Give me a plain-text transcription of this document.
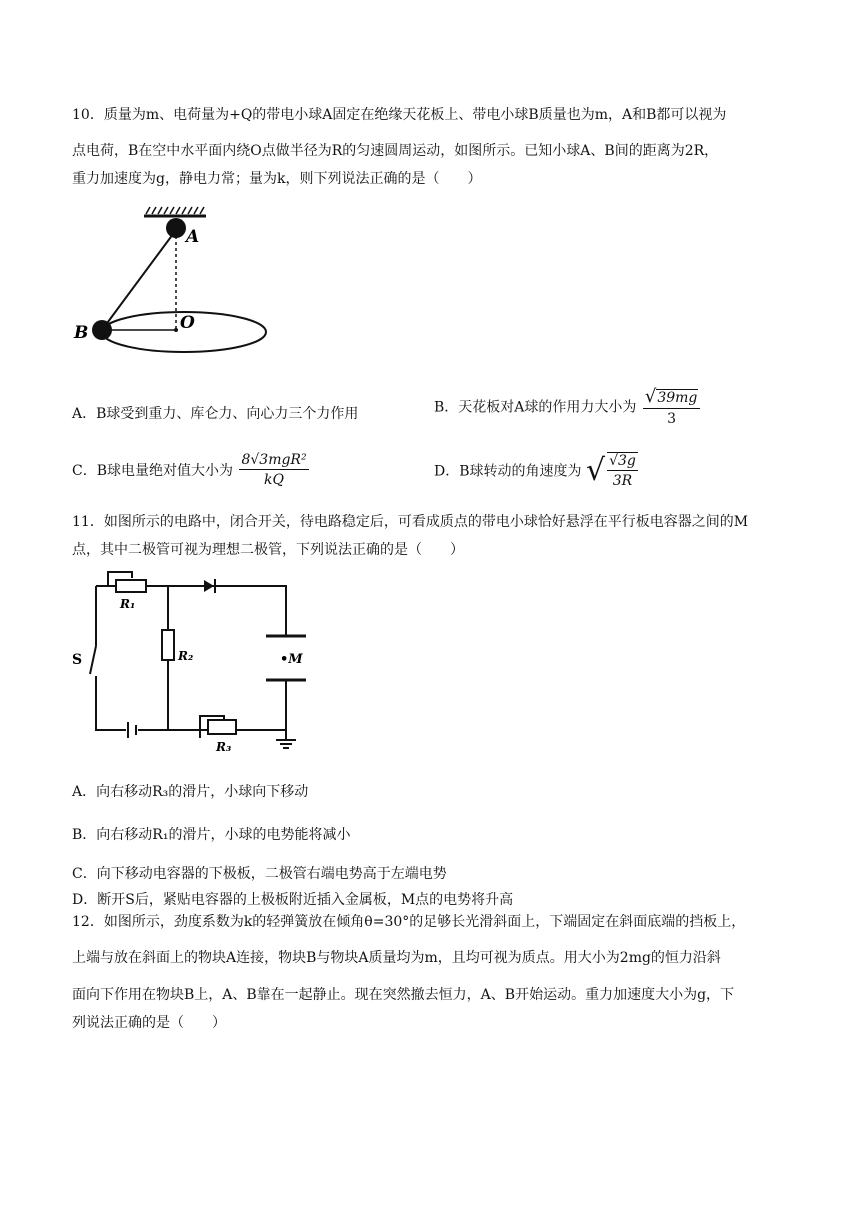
10．质量为m、电荷量为+Q的带电小球A固定在绝缘天花板上、带电小球B质量也为m，A和B都可以视为
点电荷，B在空中水平面内绕O点做半径为R的匀速圆周运动，如图所示。已知小球A、B间的距离为2R，
重力加速度为g，静电力常；量为k，则下列说法正确的是（　　）
A
B	O
A．B球受到重力、库仑力、向心力三个力作用	B．天花板对A球的作用力大小为 $\frac{√39mg}{3}$
C．B球电量绝对值大小为 $\frac{\text{8√3mgR²}}{kQ}$	D．B球转动的角速度为 √ $\frac{√3g}{3R}$
11．如图所示的电路中，闭合开关，待电路稳定后，可看成质点的带电小球恰好悬浮在平行板电容器之间的M
点，其中二极管可视为理想二极管，下列说法正确的是（　　）
R₁
R₂
R₃
S	•M
A．向右移动R₃的滑片，小球向下移动
B．向右移动R₁的滑片，小球的电势能将减小
C．向下移动电容器的下极板，二极管右端电势高于左端电势
D．断开S后，紧贴电容器的上极板附近插入金属板，M点的电势将升高
12．如图所示，劲度系数为k的轻弹簧放在倾角θ=30°的足够长光滑斜面上，下端固定在斜面底端的挡板上，
上端与放在斜面上的物块A连接，物块B与物块A质量均为m，且均可视为质点。用大小为2mg的恒力沿斜
面向下作用在物块B上，A、B靠在一起静止。现在突然撤去恒力，A、B开始运动。重力加速度大小为g，下
列说法正确的是（　　）
